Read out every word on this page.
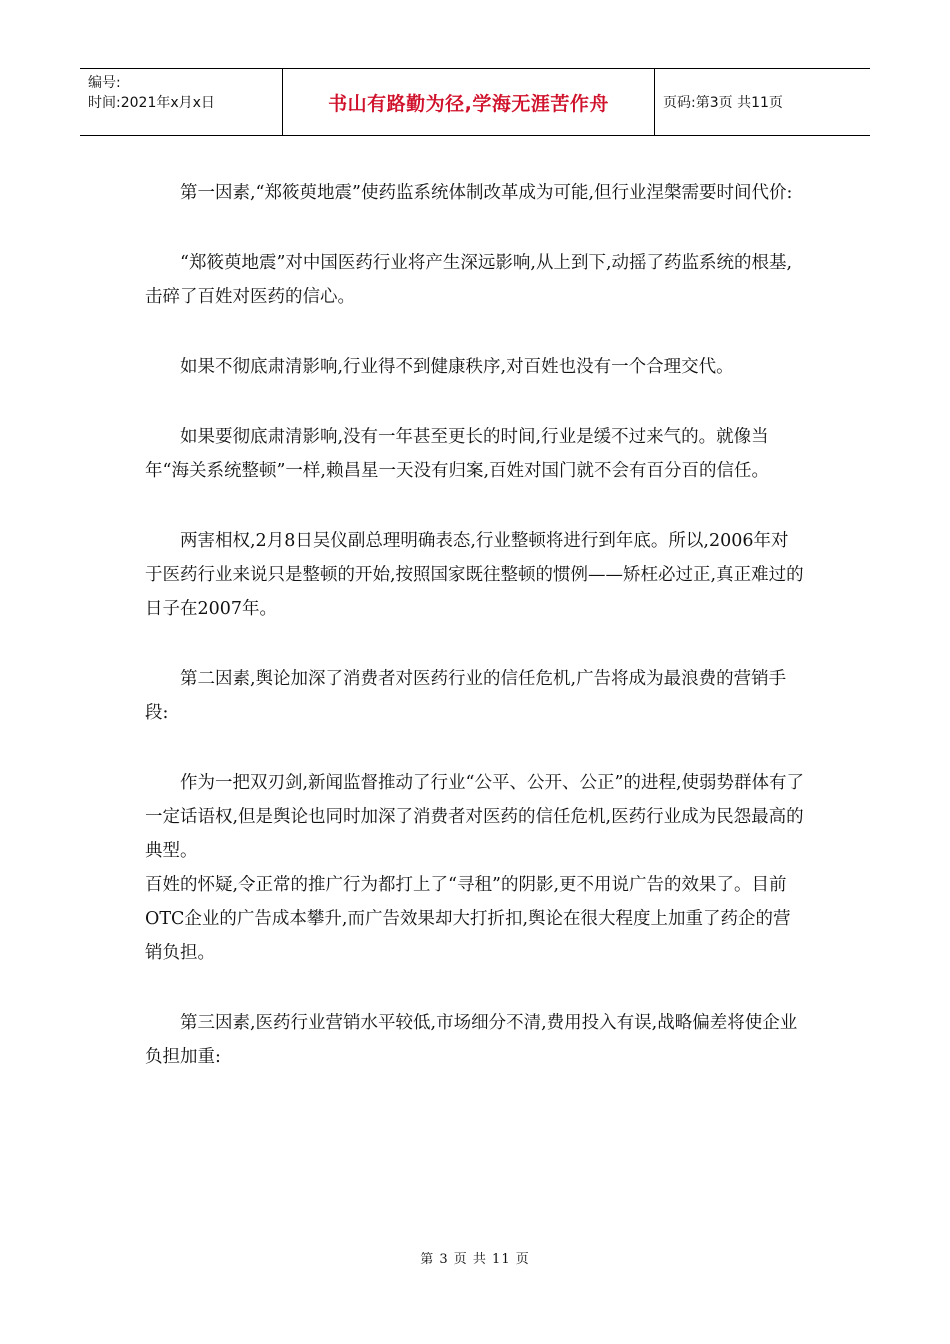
编号:
时间:2021年x月x日	书山有路勤为径,学海无涯苦作舟	页码:第3页 共11页

第一因素,“郑筱萸地震”使药监系统体制改革成为可能,但行业涅槃需要时间代价:

“郑筱萸地震”对中国医药行业将产生深远影响,从上到下,动摇了药监系统的根基,击碎了百姓对医药的信心。

如果不彻底肃清影响,行业得不到健康秩序,对百姓也没有一个合理交代。

如果要彻底肃清影响,没有一年甚至更长的时间,行业是缓不过来气的。就像当年“海关系统整顿”一样,赖昌星一天没有归案,百姓对国门就不会有百分百的信任。

两害相权,2月8日吴仪副总理明确表态,行业整顿将进行到年底。所以,2006年对于医药行业来说只是整顿的开始,按照国家既往整顿的惯例——矫枉必过正,真正难过的日子在2007年。

第二因素,舆论加深了消费者对医药行业的信任危机,广告将成为最浪费的营销手段:

作为一把双刃剑,新闻监督推动了行业“公平、公开、公正”的进程,使弱势群体有了一定话语权,但是舆论也同时加深了消费者对医药的信任危机,医药行业成为民怨最高的典型。

百姓的怀疑,令正常的推广行为都打上了“寻租”的阴影,更不用说广告的效果了。目前OTC企业的广告成本攀升,而广告效果却大打折扣,舆论在很大程度上加重了药企的营销负担。

第三因素,医药行业营销水平较低,市场细分不清,费用投入有误,战略偏差将使企业负担加重:

第 3 页 共 11 页
